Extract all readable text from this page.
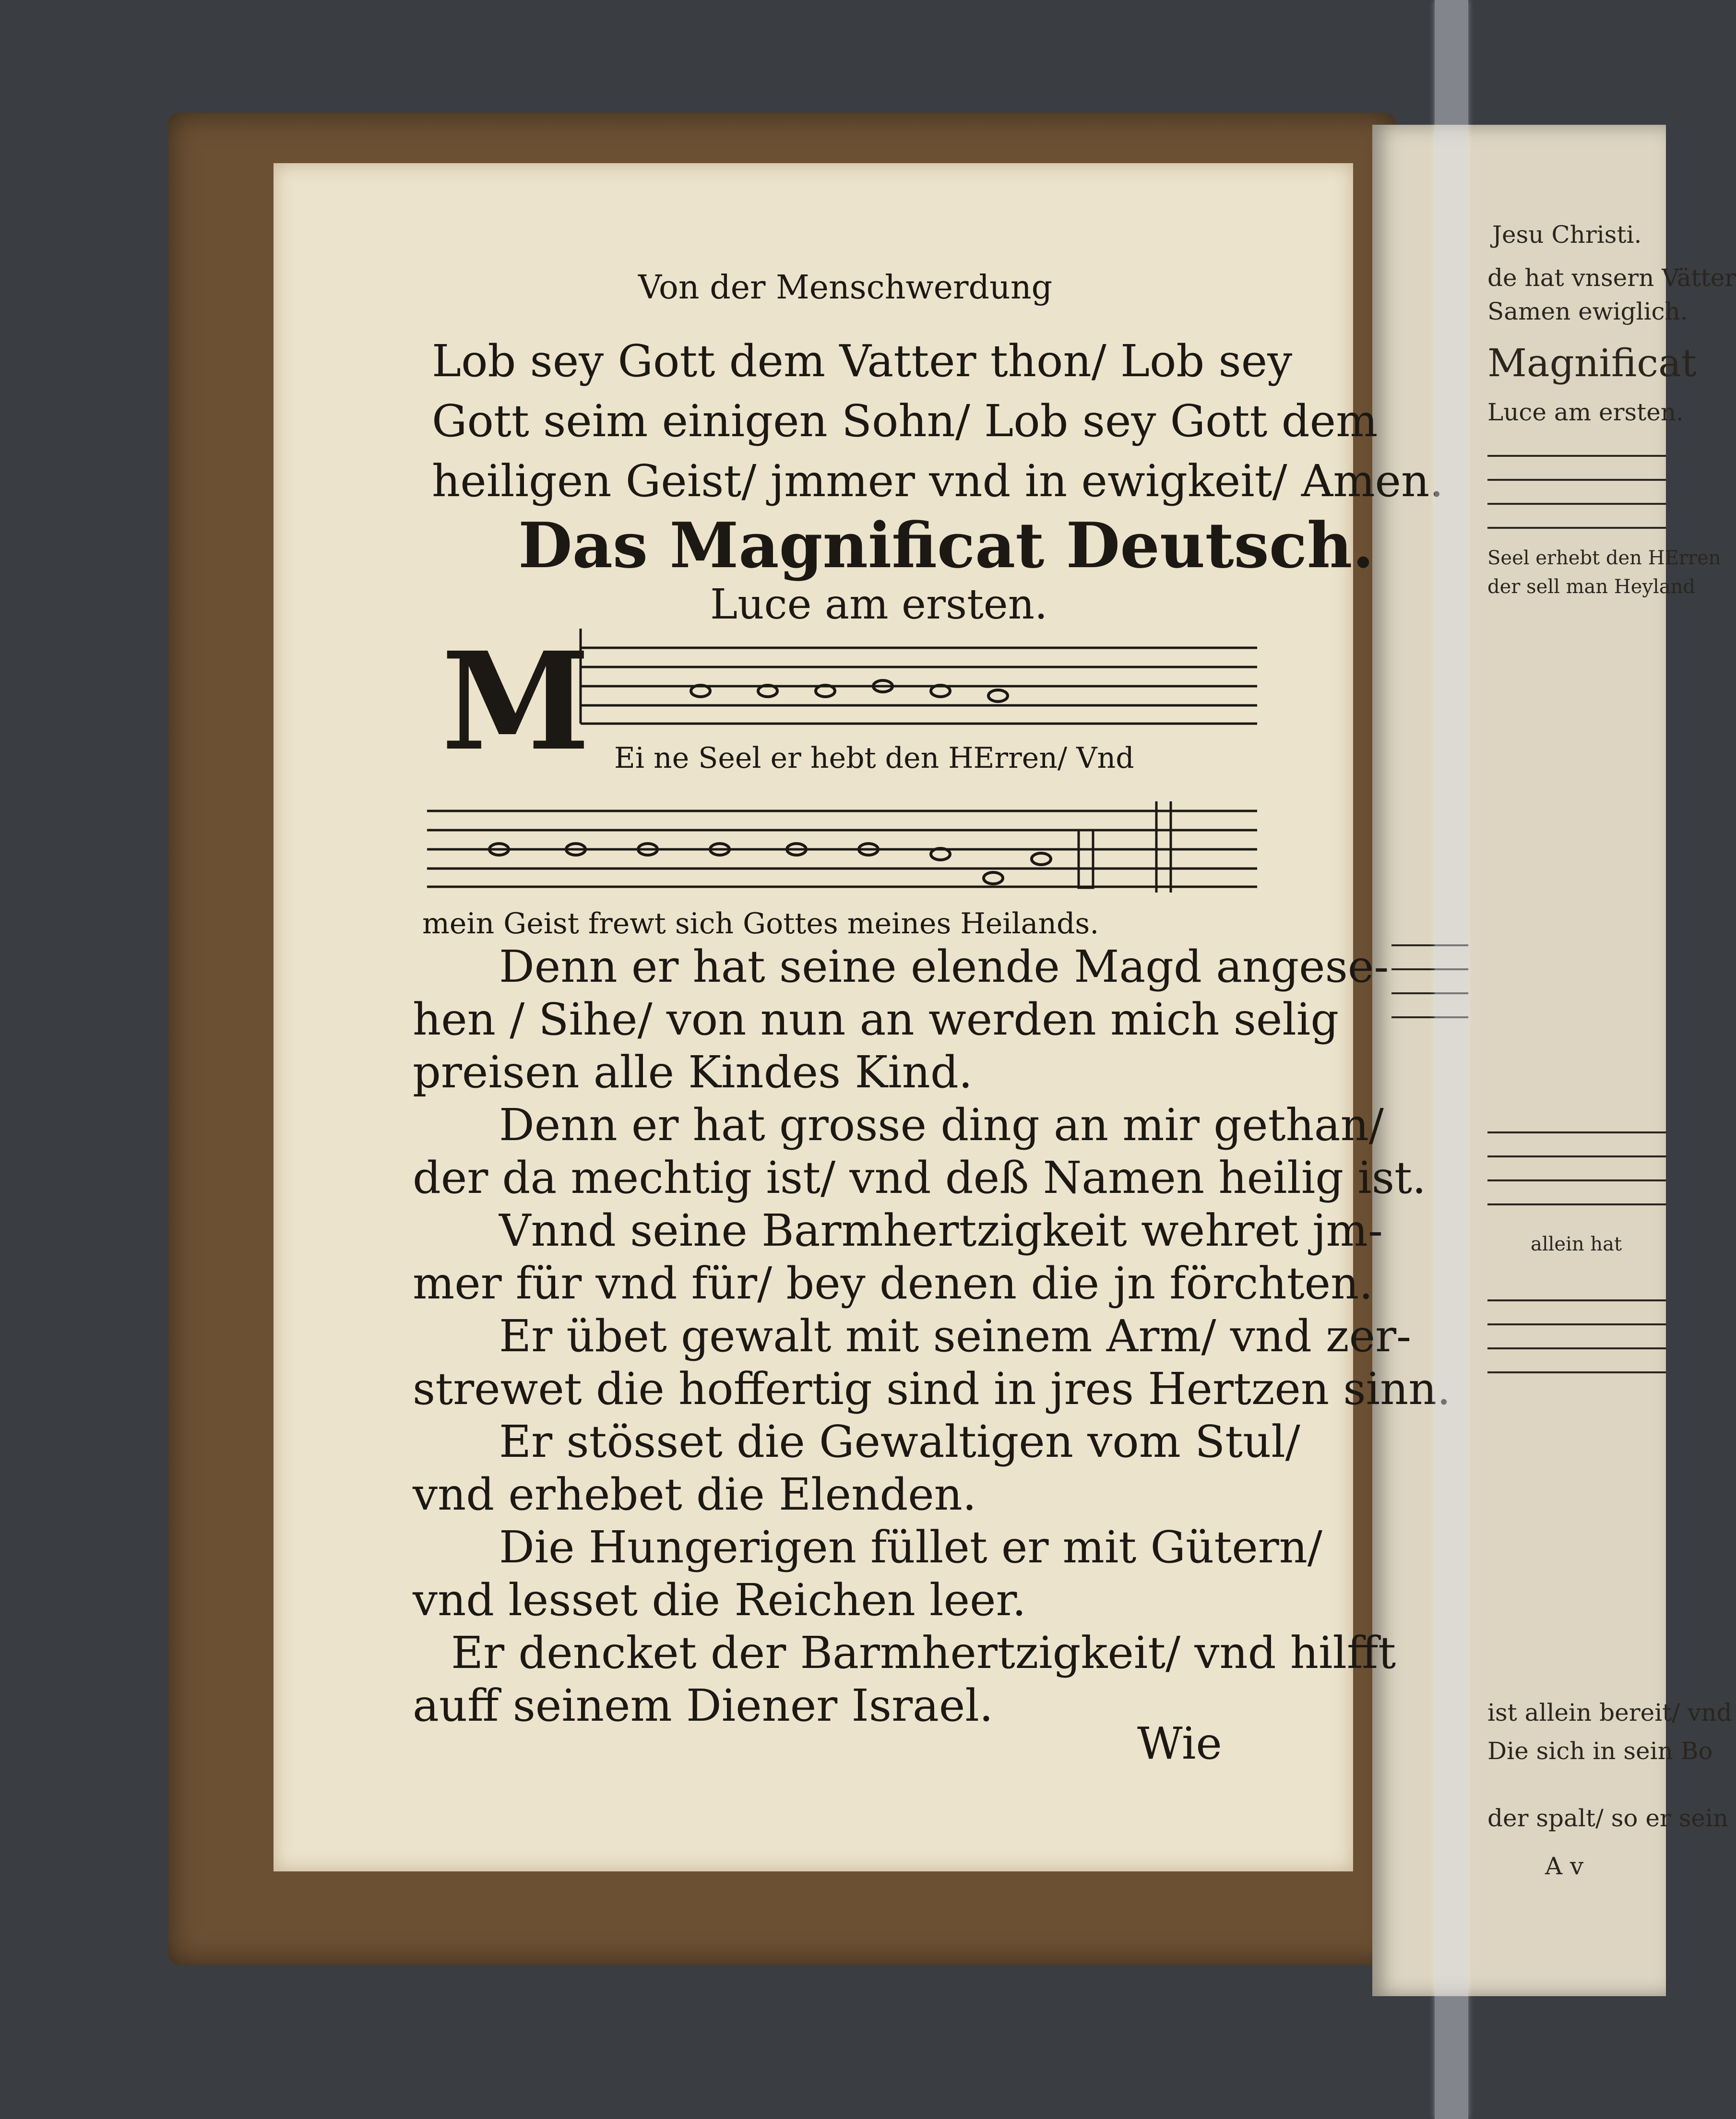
Jesu Christi.
de hat vnsern Vätter
Samen ewiglich.
Magnificat
Luce am ersten.
Seel erhebt den HErren
der sell man Heyland
allein hat
ist allein bereit/ vnd
Die sich in sein Bo
der spalt/ so er sein
A v
Von der Menschwerdung
Lob sey Gott dem Vatter thon/ Lob sey
Gott seim einigen Sohn/ Lob sey Gott dem
heiligen Geist/ jmmer vnd in ewigkeit/ Amen.
Das Magnificat Deutsch.
Luce am ersten.
M Ei ne Seel er hebt den HErren/ Vnd
mein Geist frewt sich Gottes meines Heilands.
Denn er hat seine elende Magd angese-
hen / Sihe/ von nun an werden mich selig
preisen alle Kindes Kind.
Denn er hat grosse ding an mir gethan/
der da mechtig ist/ vnd deß Namen heilig ist.
Vnnd seine Barmhertzigkeit wehret jm-
mer für vnd für/ bey denen die jn förchten.
Er übet gewalt mit seinem Arm/ vnd zer-
strewet die hoffertig sind in jres Hertzen sinn.
Er stösset die Gewaltigen vom Stul/
vnd erhebet die Elenden.
Die Hungerigen füllet er mit Gütern/
vnd lesset die Reichen leer.
Er dencket der Barmhertzigkeit/ vnd hilfft
auff seinem Diener Israel.
Wie
